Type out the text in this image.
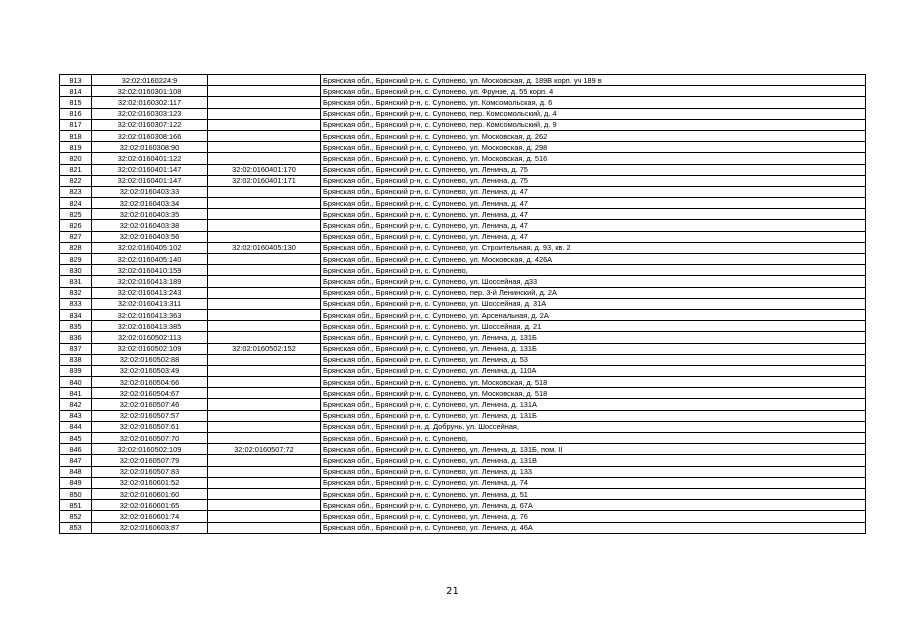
813	32:02:0160224:9		Брянская обл., Брянский р-н, с. Супонево, ул. Московская, д. 189В корп. уч 189 в
814	32:02:0160301:108		Брянская обл., Брянский р-н, с. Супонево, ул. Фрунзе, д. 55 корп. 4
815	32:02:0160302:117		Брянская обл., Брянский р-н, с. Супонево, ул. Комсомольская, д. 6
816	32:02:0160303:123		Брянская обл., Брянский р-н, с. Супонево, пер. Комсомольский, д. 4
817	32:02:0160307:122		Брянская обл., Брянский р-н, с. Супонево, пер. Комсомольский, д. 9
818	32:02:0160308:166		Брянская обл., Брянский р-н, с. Супонево, ул. Московская, д. 262
819	32:02:0160308:90		Брянская обл., Брянский р-н, с. Супонево, ул. Московская, д. 298
820	32:02:0160401:122		Брянская обл., Брянский р-н, с. Супонево, ул. Московская, д. 516
821	32:02:0160401:147	32:02:0160401:170	Брянская обл., Брянский р-н, с. Супонево, ул. Ленина, д. 75
822	32:02:0160401:147	32:02:0160401:171	Брянская обл., Брянский р-н, с. Супонево, ул. Ленина, д. 75
823	32:02:0160403:33		Брянская обл., Брянский р-н, с. Супонево, ул. Ленина, д. 47
824	32:02:0160403:34		Брянская обл., Брянский р-н, с. Супонево, ул. Ленина, д. 47
825	32:02:0160403:35		Брянская обл., Брянский р-н, с. Супонево, ул. Ленина, д. 47
826	32:02:0160403:38		Брянская обл., Брянский р-н, с. Супонево, ул. Ленина, д. 47
827	32:02:0160403:56		Брянская обл., Брянский р-н, с. Супонево, ул. Ленина, д. 47
828	32:02:0160405:102	32:02:0160405:130	Брянская обл., Брянский р-н, с. Супонево, ул. Строительная, д. 93, кв. 2
829	32:02:0160405:140		Брянская обл., Брянский р-н, с. Супонево, ул. Московская, д. 426А
830	32:02:0160410:159		Брянская обл., Брянский р-н, с. Супонево,
831	32:02:0160413:189		Брянская обл., Брянский р-н, с. Супонево, ул. Шоссейная, д33
832	32:02:0160413:243		Брянская обл., Брянский р-н, с. Супонево, пер. 3-й Ленинский, д. 2А
833	32:02:0160413:311		Брянская обл., Брянский р-н, с. Супонево, ул. Шоссейная, д. 31А
834	32:02:0160413:363		Брянская обл., Брянский р-н, с. Супонево, ул. Арсенальная, д. 2А
835	32:02:0160413:385		Брянская обл., Брянский р-н, с. Супонево, ул. Шоссейная, д. 21
836	32:02:0160502:113		Брянская обл., Брянский р-н, с. Супонево, ул. Ленина, д. 131Б
837	32:02:0160502:109	32:02:0160502:152	Брянская обл., Брянский р-н, с. Супонево, ул. Ленина, д. 131Б
838	32:02:0160502:88		Брянская обл., Брянский р-н, с. Супонево, ул. Ленина, д. 53
839	32:02:0160503:49		Брянская обл., Брянский р-н, с. Супонево, ул. Ленина, д. 110А
840	32:02:0160504:66		Брянская обл., Брянский р-н, с. Супонево, ул. Московская, д. 518
841	32:02:0160504:67		Брянская обл., Брянский р-н, с. Супонево, ул. Московская, д. 518
842	32:02:0160507:46		Брянская обл., Брянский р-н, с. Супонево, ул. Ленина, д. 131А
843	32:02:0160507:57		Брянская обл., Брянский р-н, с. Супонево, ул. Ленина, д. 131Б
844	32:02:0160507:61		Брянская обл., Брянский р-н, д. Добрунь, ул. Шоссейная,
845	32:02:0160507:70		Брянская обл., Брянский р-н, с. Супонево,
846	32:02:0160502:109	32:02:0160507:72	Брянская обл., Брянский р-н, с. Супонево, ул. Ленина, д. 131Б, пом. II
847	32:02:0160507:79		Брянская обл., Брянский р-н, с. Супонево, ул. Ленина, д. 131В
848	32:02:0160507:83		Брянская обл., Брянский р-н, с. Супонево, ул. Ленина, д. 133
849	32:02:0160601:52		Брянская обл., Брянский р-н, с. Супонево, ул. Ленина, д. 74
850	32:02:0160601:60		Брянская обл., Брянский р-н, с. Супонево, ул. Ленина, д. 51
851	32:02:0160601:65		Брянская обл., Брянский р-н, с. Супонево, ул. Ленина, д. 67А
852	32:02:0160601:74		Брянская обл., Брянский р-н, с. Супонево, ул. Ленина, д. 76
853	32:02:0160603:87		Брянская обл., Брянский р-н, с. Супонево, ул. Ленина, д. 46А
21
